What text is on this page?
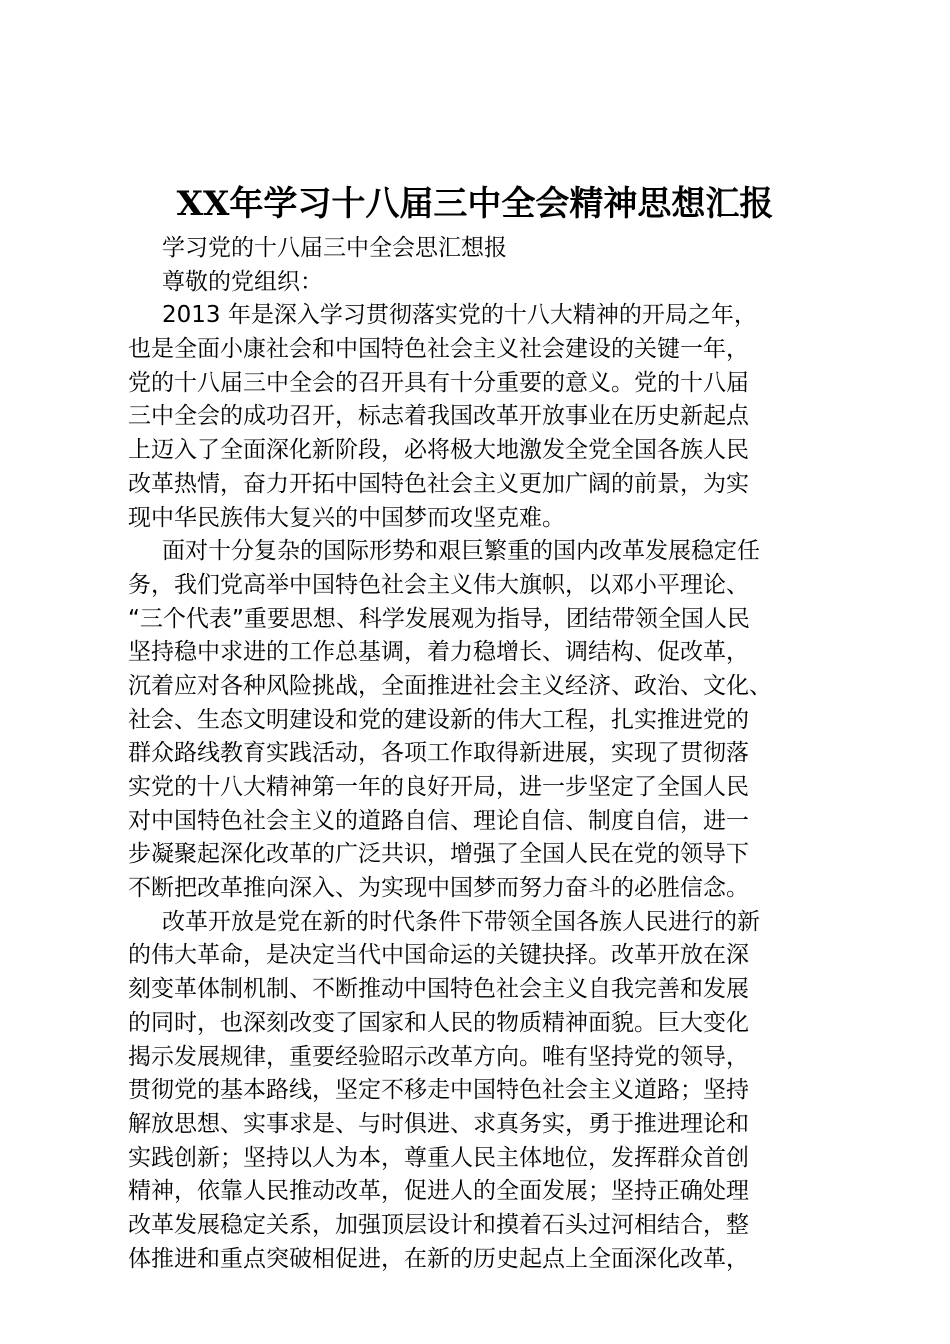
XX年学习十八届三中全会精神思想汇报
学习党的十八届三中全会思汇想报
尊敬的党组织：
2013 年是深入学习贯彻落实党的十八大精神的开局之年，
也是全面小康社会和中国特色社会主义社会建设的关键一年，
党的十八届三中全会的召开具有十分重要的意义。党的十八届
三中全会的成功召开，标志着我国改革开放事业在历史新起点
上迈入了全面深化新阶段，必将极大地激发全党全国各族人民
改革热情，奋力开拓中国特色社会主义更加广阔的前景，为实
现中华民族伟大复兴的中国梦而攻坚克难。
面对十分复杂的国际形势和艰巨繁重的国内改革发展稳定任
务，我们党高举中国特色社会主义伟大旗帜，以邓小平理论、
“三个代表”重要思想、科学发展观为指导，团结带领全国人民
坚持稳中求进的工作总基调，着力稳增长、调结构、促改革，
沉着应对各种风险挑战，全面推进社会主义经济、政治、文化、
社会、生态文明建设和党的建设新的伟大工程，扎实推进党的
群众路线教育实践活动，各项工作取得新进展，实现了贯彻落
实党的十八大精神第一年的良好开局，进一步坚定了全国人民
对中国特色社会主义的道路自信、理论自信、制度自信，进一
步凝聚起深化改革的广泛共识，增强了全国人民在党的领导下
不断把改革推向深入、为实现中国梦而努力奋斗的必胜信念。
改革开放是党在新的时代条件下带领全国各族人民进行的新
的伟大革命，是决定当代中国命运的关键抉择。改革开放在深
刻变革体制机制、不断推动中国特色社会主义自我完善和发展
的同时，也深刻改变了国家和人民的物质精神面貌。巨大变化
揭示发展规律，重要经验昭示改革方向。唯有坚持党的领导，
贯彻党的基本路线，坚定不移走中国特色社会主义道路；坚持
解放思想、实事求是、与时俱进、求真务实，勇于推进理论和
实践创新；坚持以人为本，尊重人民主体地位，发挥群众首创
精神，依靠人民推动改革，促进人的全面发展；坚持正确处理
改革发展稳定关系，加强顶层设计和摸着石头过河相结合，整
体推进和重点突破相促进，在新的历史起点上全面深化改革，
